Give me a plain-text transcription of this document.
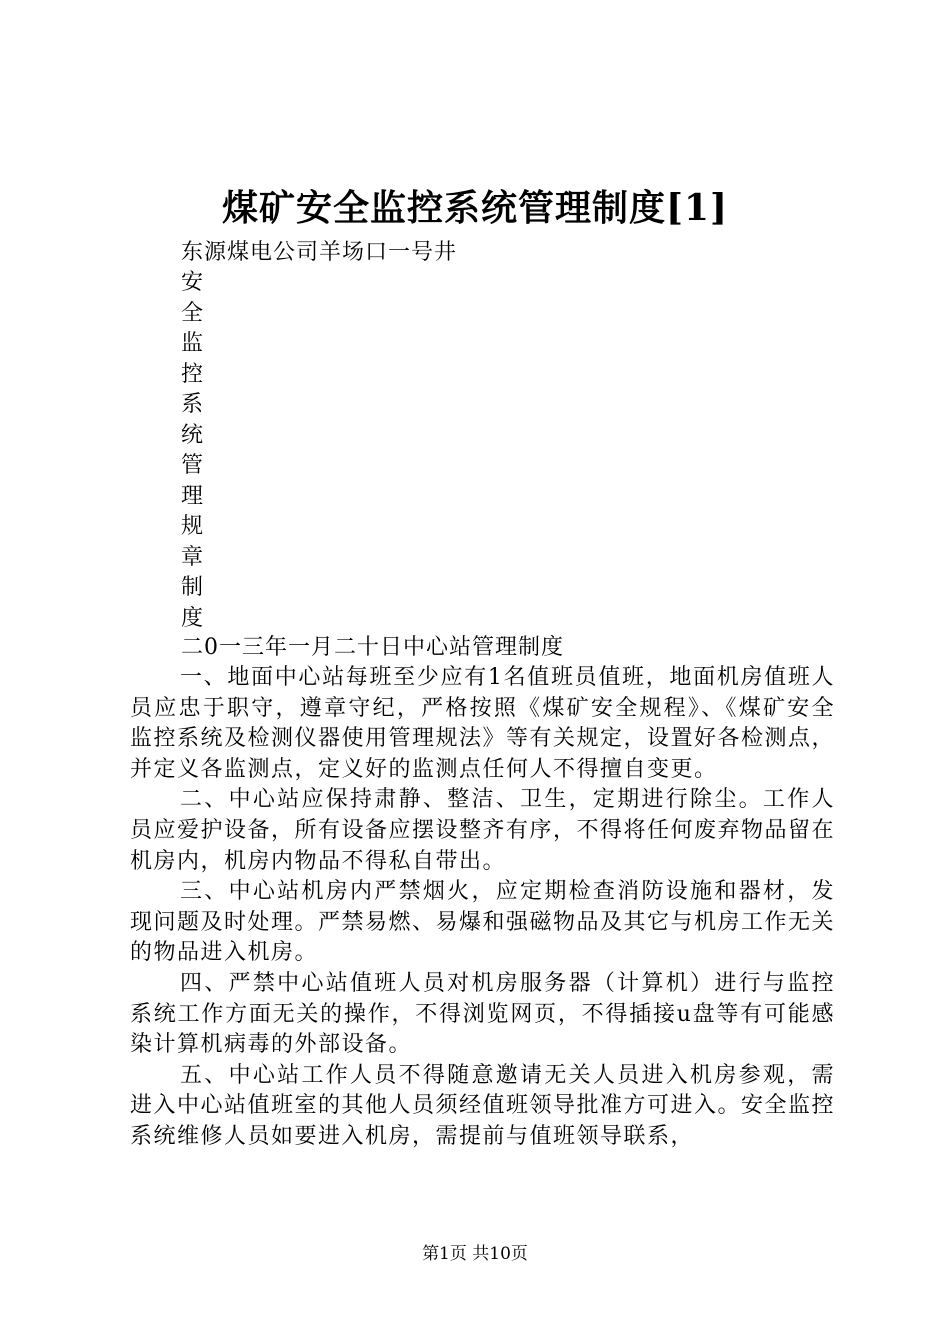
煤矿安全监控系统管理制度[1]
东源煤电公司羊场口一号井
安
全
监
控
系
统
管
理
规
章
制
度
二0一三年一月二十日中心站管理制度

一、地面中心站每班至少应有1名值班员值班，地面机房值班人员应忠于职守，遵章守纪，严格按照《煤矿安全规程》、《煤矿安全监控系统及检测仪器使用管理规法》等有关规定，设置好各检测点，并定义各监测点，定义好的监测点任何人不得擅自变更。

二、中心站应保持肃静、整洁、卫生，定期进行除尘。工作人员应爱护设备，所有设备应摆设整齐有序，不得将任何废弃物品留在机房内，机房内物品不得私自带出。

三、中心站机房内严禁烟火，应定期检查消防设施和器材，发现问题及时处理。严禁易燃、易爆和强磁物品及其它与机房工作无关的物品进入机房。

四、严禁中心站值班人员对机房服务器（计算机）进行与监控系统工作方面无关的操作，不得浏览网页，不得插接u盘等有可能感染计算机病毒的外部设备。

五、中心站工作人员不得随意邀请无关人员进入机房参观，需进入中心站值班室的其他人员须经值班领导批准方可进入。安全监控系统维修人员如要进入机房，需提前与值班领导联系，

第1页 共10页
